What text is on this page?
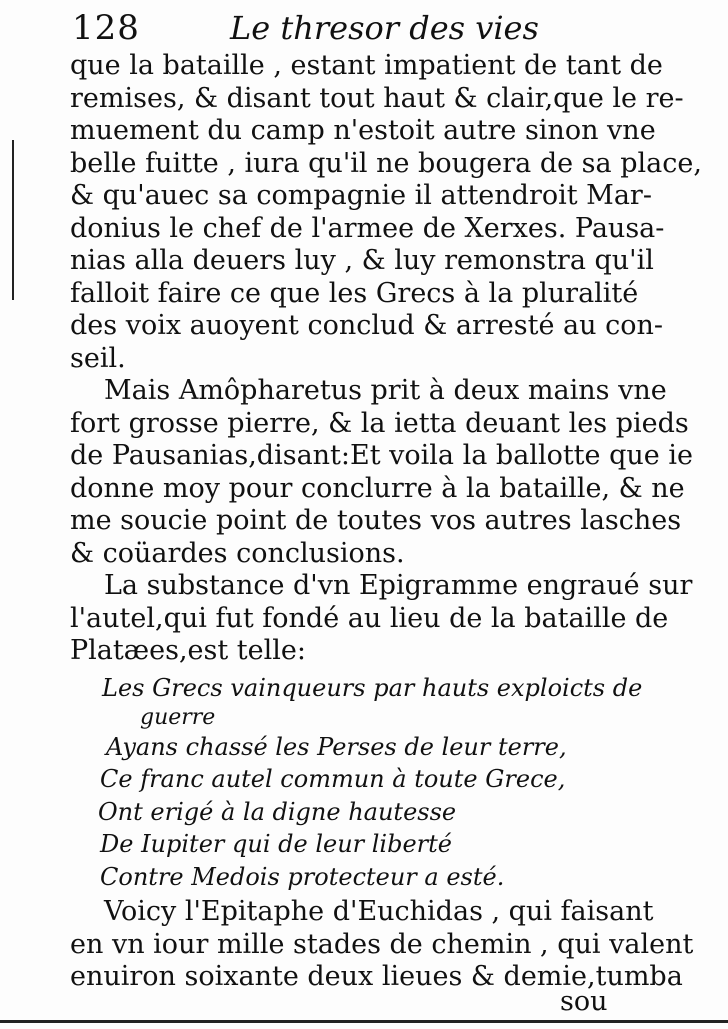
128	Le thresor des vies
que la bataille , estant impatient de tant de
remises, & disant tout haut & clair,que le re-
muement du camp n'estoit autre sinon vne
belle fuitte , iura qu'il ne bougera de sa place,
& qu'auec sa compagnie il attendroit Mar-
donius le chef de l'armee de Xerxes. Pausa-
nias alla deuers luy , & luy remonstra qu'il
falloit faire ce que les Grecs à la pluralité
des voix auoyent conclud & arresté au con-
seil.
Mais Amôpharetus prit à deux mains vne
fort grosse pierre, & la ietta deuant les pieds
de Pausanias,disant:Et voila la ballotte que ie
donne moy pour conclurre à la bataille, & ne
me soucie point de toutes vos autres lasches
& coüardes conclusions.
La substance d'vn Epigramme engraué sur
l'autel,qui fut fondé au lieu de la bataille de
Platæes,est telle:
Les Grecs vainqueurs par hauts exploicts de
guerre
Ayans chassé les Perses de leur terre,
Ce franc autel commun à toute Grece,
Ont erigé à la digne hautesse
De Iupiter qui de leur liberté
Contre Medois protecteur a esté.
Voicy l'Epitaphe d'Euchidas , qui faisant
en vn iour mille stades de chemin , qui valent
enuiron soixante deux lieues & demie,tumba
sou
